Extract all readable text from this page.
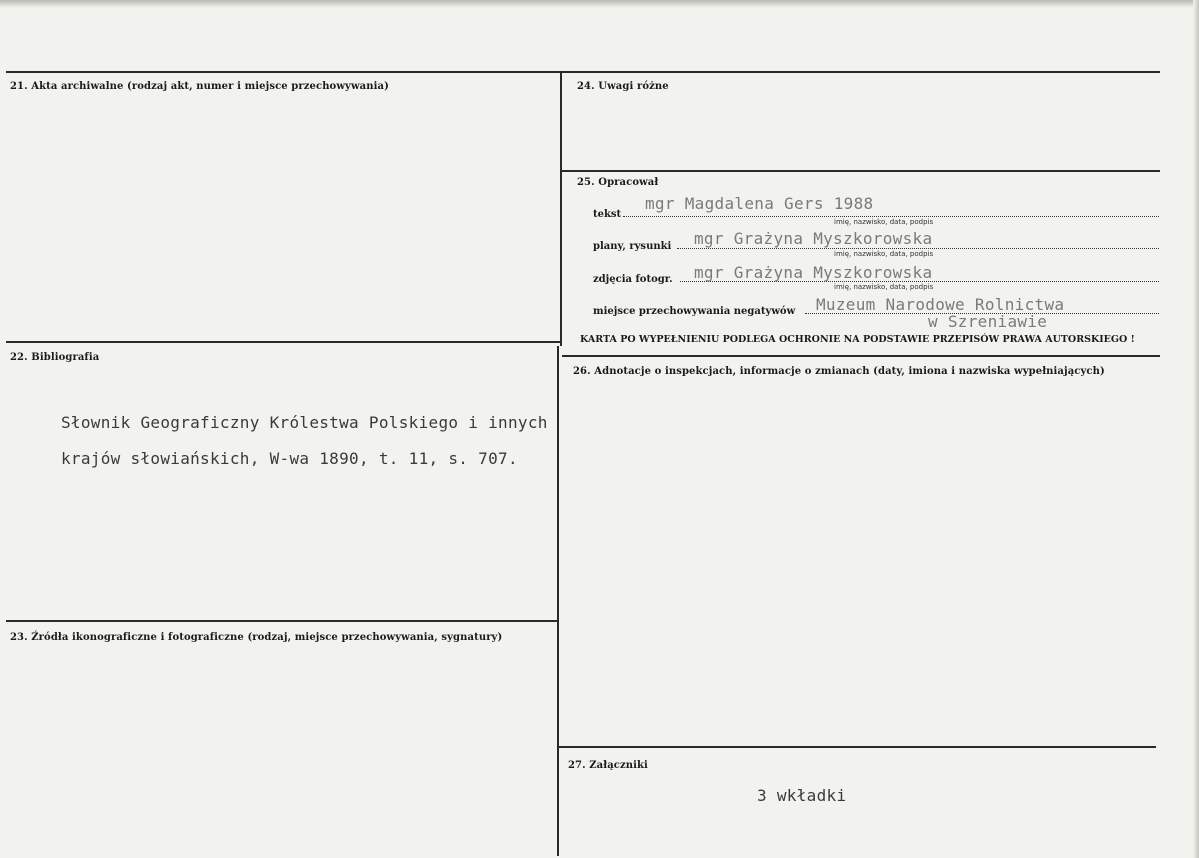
21. Akta archiwalne (rodzaj akt, numer i miejsce przechowywania)	24. Uwagi różne
25. Opracował
tekst
mgr Magdalena Gers 1988
imię, nazwisko, data, podpis
plany, rysunki mgr Grażyna Myszkorowska
imię, nazwisko, data, podpis
zdjęcia fotogr. mgr Grażyna Myszkorowska
imię, nazwisko, data, podpis
miejsce przechowywania negatywów Muzeum Narodowe Rolnictwa
w Szreniawie
KARTA PO WYPEŁNIENIU PODLEGA OCHRONIE NA PODSTAWIE PRZEPISÓW PRAWA AUTORSKIEGO !
22. Bibliografia
Słownik Geograficzny Królestwa Polskiego i innych
krajów słowiańskich, W-wa 1890, t. 11, s. 707.
26. Adnotacje o inspekcjach, informacje o zmianach (daty, imiona i nazwiska wypełniających)
23. Źródła ikonograficzne i fotograficzne (rodzaj, miejsce przechowywania, sygnatury)
27. Załączniki
3 wkładki
